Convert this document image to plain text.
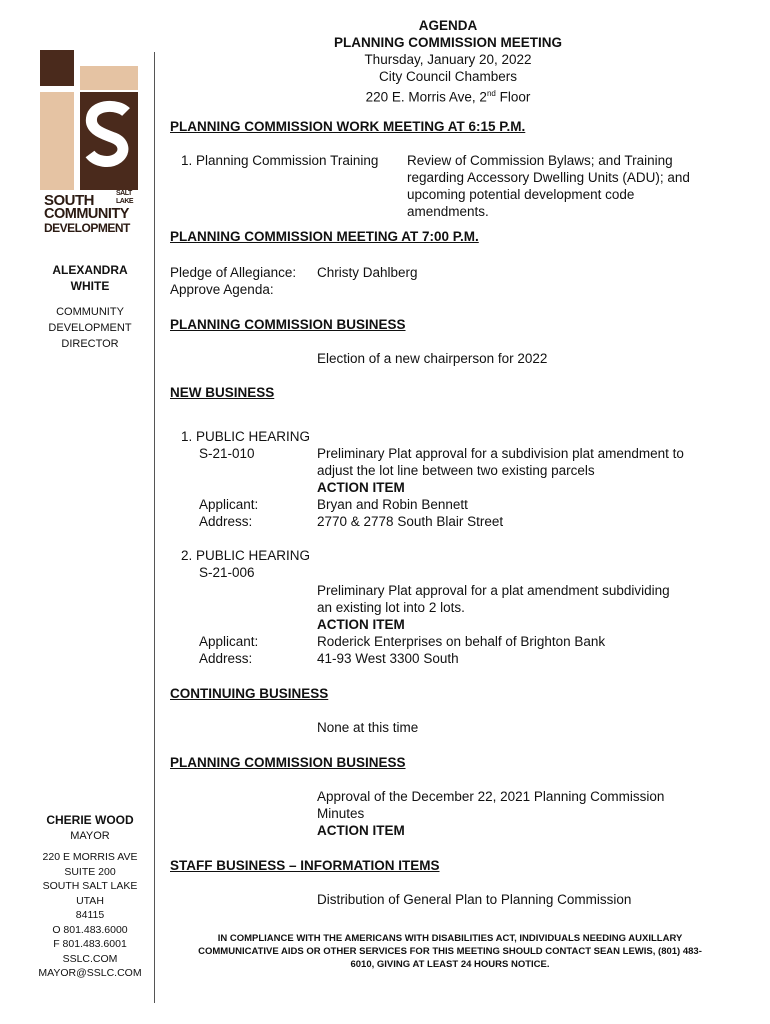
SOUTH	SALT
LAKE
COMMUNITY
DEVELOPMENT
AGENDA
PLANNING COMMISSION MEETING
Thursday, January 20, 2022
City Council Chambers
220 E. Morris Ave, 2nd Floor
ALEXANDRA
WHITE
COMMUNITY
DEVELOPMENT
DIRECTOR
CHERIE WOOD
MAYOR
220 E MORRIS AVE
SUITE 200
SOUTH SALT LAKE
UTAH
84115
O 801.483.6000
F 801.483.6001
SSLC.COM
MAYOR@SSLC.COM
PLANNING COMMISSION WORK MEETING AT 6:15 P.M.
1. Planning Commission Training Review of Commission Bylaws; and Training
regarding Accessory Dwelling Units (ADU); and
upcoming potential development code
amendments.
PLANNING COMMISSION MEETING AT 7:00 P.M.
Pledge of Allegiance: Christy Dahlberg
Approve Agenda:
PLANNING COMMISSION BUSINESS
Election of a new chairperson for 2022
NEW BUSINESS
1. PUBLIC HEARING
S-21-010	Preliminary Plat approval for a subdivision plat amendment to
adjust the lot line between two existing parcels
ACTION ITEM
Bryan and Robin Bennett
2770 & 2778 South Blair Street
Applicant:
Address:
2. PUBLIC HEARING
S-21-006
Preliminary Plat approval for a plat amendment subdividing
an existing lot into 2 lots.
ACTION ITEM
Roderick Enterprises on behalf of Brighton Bank
41-93 West 3300 South
Applicant:
Address:
CONTINUING BUSINESS
None at this time
PLANNING COMMISSION BUSINESS
Approval of the December 22, 2021 Planning Commission
Minutes
ACTION ITEM
STAFF BUSINESS – INFORMATION ITEMS
Distribution of General Plan to Planning Commission
IN COMPLIANCE WITH THE AMERICANS WITH DISABILITIES ACT, INDIVIDUALS NEEDING AUXILLARY
COMMUNICATIVE AIDS OR OTHER SERVICES FOR THIS MEETING SHOULD CONTACT SEAN LEWIS, (801) 483-
6010, GIVING AT LEAST 24 HOURS NOTICE.
